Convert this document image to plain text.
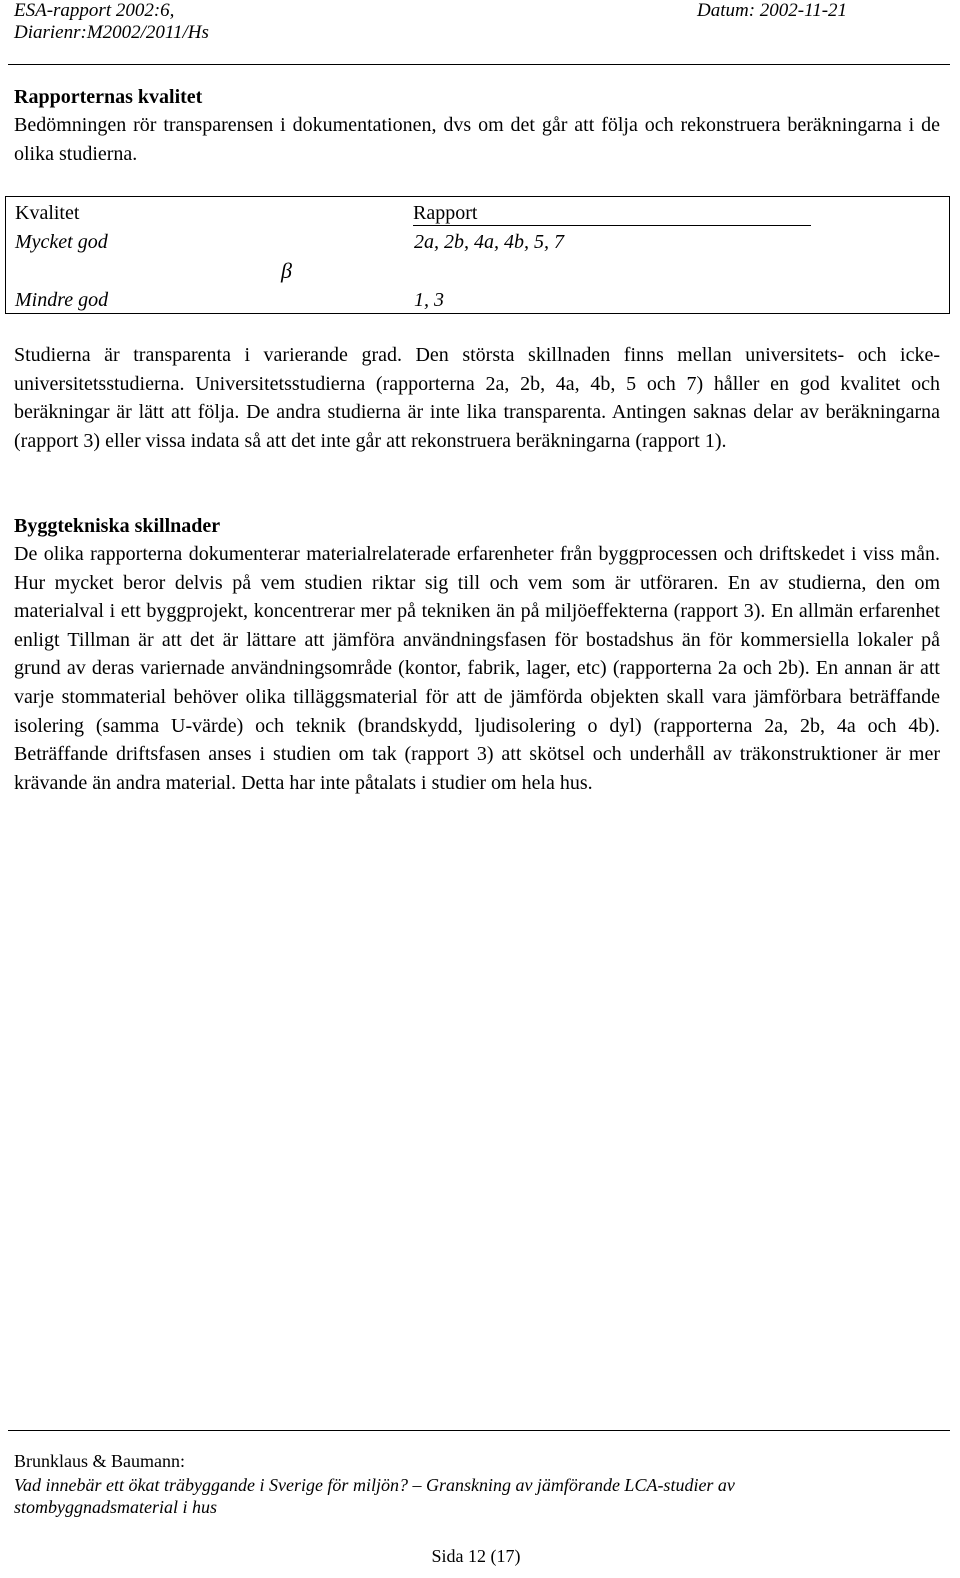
ESA-rapport 2002:6,
Diarienr:M2002/2011/Hs
Datum: 2002-11-21
Rapporternas kvalitet
Bedömningen rör transparensen i dokumentationen, dvs om det går att följa och rekonstruera beräkningarna i de olika studierna.
Kvalitet	Rapport
Mycket god	2a, 2b, 4a, 4b, 5, 7
β
Mindre god	1, 3
Studierna är transparenta i varierande grad. Den största skillnaden finns mellan universitets- och icke-universitetsstudierna. Universitetsstudierna (rapporterna 2a, 2b, 4a, 4b, 5 och 7) håller en god kvalitet och beräkningar är lätt att följa. De andra studierna är inte lika transparenta. Antingen saknas delar av beräkningarna (rapport 3) eller vissa indata så att det inte går att rekonstruera beräkningarna (rapport 1).
Byggtekniska skillnader
De olika rapporterna dokumenterar materialrelaterade erfarenheter från byggprocessen och driftskedet i viss mån. Hur mycket beror delvis på vem studien riktar sig till och vem som är utföraren. En av studierna, den om materialval i ett byggprojekt, koncentrerar mer på tekniken än på miljöeffekterna (rapport 3). En allmän erfarenhet enligt Tillman är att det är lättare att jämföra användningsfasen för bostadshus än för kommersiella lokaler på grund av deras variernade användningsområde (kontor, fabrik, lager, etc) (rapporterna 2a och 2b). En annan är att varje stommaterial behöver olika tilläggsmaterial för att de jämförda objekten skall vara jämförbara beträffande isolering (samma U-värde) och teknik (brandskydd, ljudisolering o dyl) (rapporterna 2a, 2b, 4a och 4b). Beträffande driftsfasen anses i studien om tak (rapport 3) att skötsel och underhåll av träkonstruktioner är mer krävande än andra material. Detta har inte påtalats i studier om hela hus.
Brunklaus & Baumann:
Vad innebär ett ökat träbyggande i Sverige för miljön? – Granskning av jämförande LCA-studier av stombyggnadsmaterial i hus
Sida 12 (17)
